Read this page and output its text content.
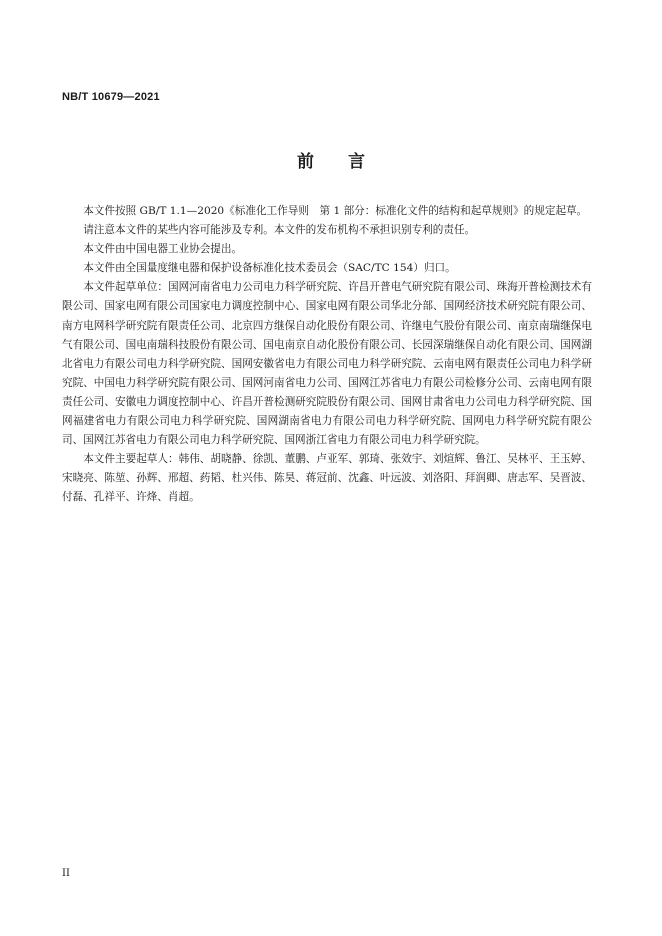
NB/T 10679—2021
前　　言

本文件按照 GB/T 1.1—2020《标准化工作导则　第 1 部分：标准化文件的结构和起草规则》的规定起草。

请注意本文件的某些内容可能涉及专利。本文件的发布机构不承担识别专利的责任。

本文件由中国电器工业协会提出。

本文件由全国量度继电器和保护设备标准化技术委员会（SAC/TC 154）归口。

本文件起草单位：国网河南省电力公司电力科学研究院、许昌开普电气研究院有限公司、珠海开普检测技术有限公司、国家电网有限公司国家电力调度控制中心、国家电网有限公司华北分部、国网经济技术研究院有限公司、南方电网科学研究院有限责任公司、北京四方继保自动化股份有限公司、许继电气股份有限公司、南京南瑞继保电气有限公司、国电南瑞科技股份有限公司、国电南京自动化股份有限公司、长园深瑞继保自动化有限公司、国网湖北省电力有限公司电力科学研究院、国网安徽省电力有限公司电力科学研究院、云南电网有限责任公司电力科学研究院、中国电力科学研究院有限公司、国网河南省电力公司、国网江苏省电力有限公司检修分公司、云南电网有限责任公司、安徽电力调度控制中心、许昌开普检测研究院股份有限公司、国网甘肃省电力公司电力科学研究院、国网福建省电力有限公司电力科学研究院、国网湖南省电力有限公司电力科学研究院、国网电力科学研究院有限公司、国网江苏省电力有限公司电力科学研究院、国网浙江省电力有限公司电力科学研究院。

本文件主要起草人：韩伟、胡晓静、徐凯、董鹏、卢亚军、郭琦、张效宇、刘煊辉、鲁江、吴林平、王玉婷、宋晓亮、陈堃、孙辉、邢超、药韬、杜兴伟、陈昊、蒋冠前、沈鑫、叶远波、刘洛阳、拜润卿、唐志军、吴晋波、付磊、孔祥平、许烽、肖超。

II
